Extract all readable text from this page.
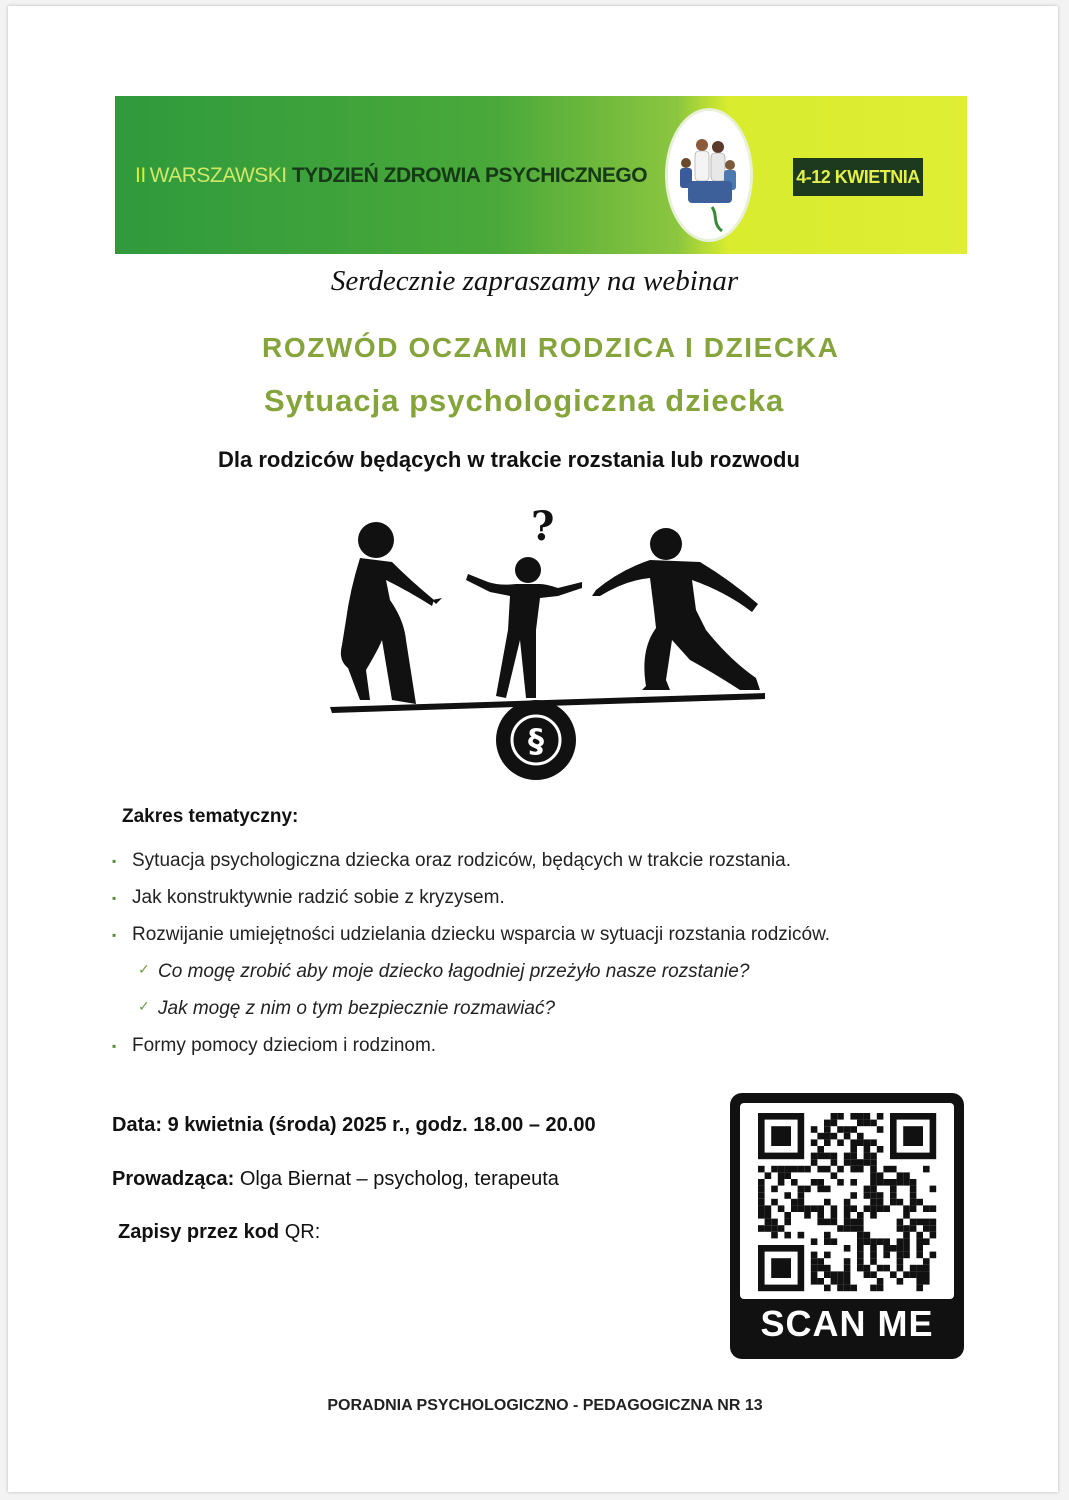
II WARSZAWSKI TYDZIEŃ ZDROWIA PSYCHICZNEGO	4-12 KWIETNIA
Serdecznie zapraszamy na webinar
ROZWÓD OCZAMI RODZICA I DZIECKA
Sytuacja psychologiczna dziecka
Dla rodziców będących w trakcie rozstania lub rozwodu
?
§
Zakres tematyczny:
▪ Sytuacja psychologiczna dziecka oraz rodziców, będących w trakcie rozstania.
▪ Jak konstruktywnie radzić sobie z kryzysem.
▪ Rozwijanie umiejętności udzielania dziecku wsparcia w sytuacji rozstania rodziców.
✓ Co mogę zrobić aby moje dziecko łagodniej przeżyło nasze rozstanie?
✓ Jak mogę z nim o tym bezpiecznie rozmawiać?
▪ Formy pomocy dzieciom i rodzinom.
Data: 9 kwietnia (środa) 2025 r., godz. 18.00 – 20.00
Prowadząca: Olga Biernat – psycholog, terapeuta
Zapisy przez kod QR:
SCAN ME
PORADNIA PSYCHOLOGICZNO - PEDAGOGICZNA NR 13
